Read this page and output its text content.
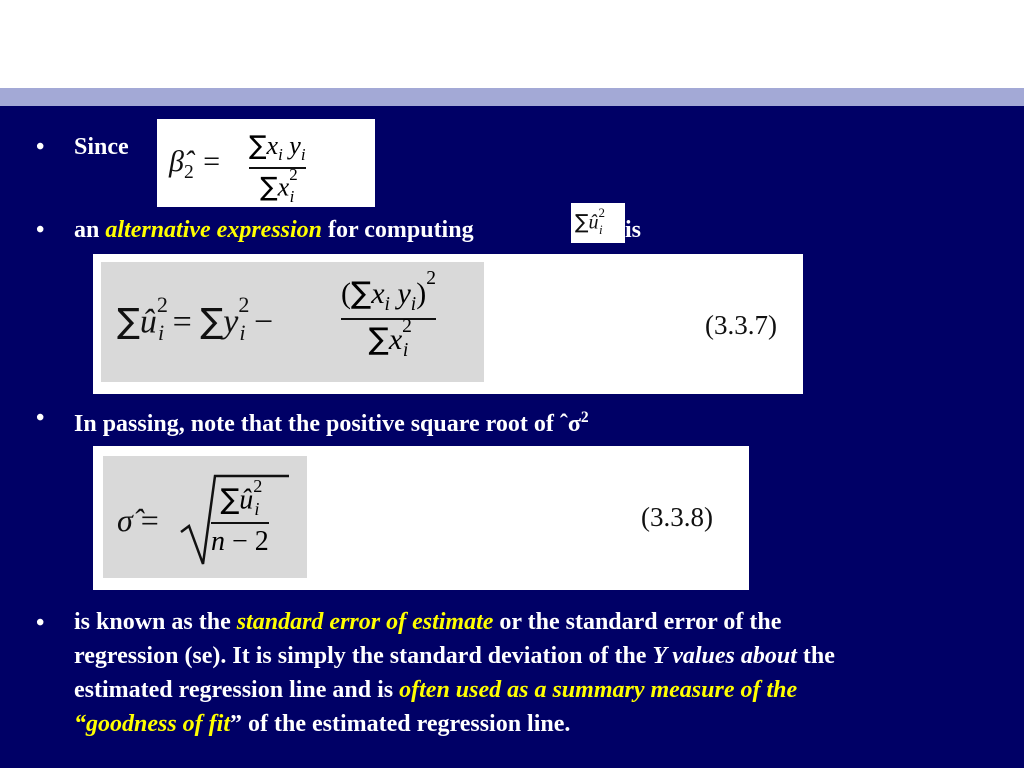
• Since $\betâ_2 = \sum x_i$ $y_i$
$\sum x^2_i$
• an alternative expression for computing	$\sum û^2_i$ is
$\sum û^2_i = \sum y^2_i$ −
($\sum x_i$ $y_i)^2$
$\sum x^2_i$
(3.3.7)
• In passing, note that the positive square root of ˆσ$^2$
σ̂ =
$\sum û^2_i$
n − 2
(3.3.8)
• is known as the standard error of estimate or the standard error of the
regression (se). It is simply the standard deviation of the Y values about the
estimated regression line and is often used as a summary measure of the
“goodness of fit” of the estimated regression line.
